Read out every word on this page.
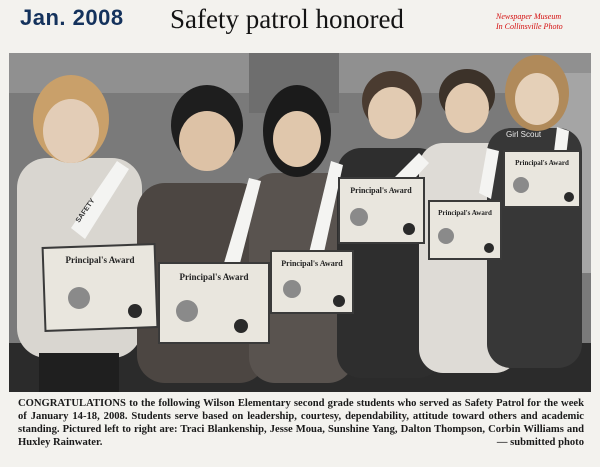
Jan. 2008 Safety patrol honored	Newspaper Museum
In Collinsville Photo
Girl Scout
SAFETY
Principal's Award
Principal's Award
Principal's Award
Principal's Award
Principal's Award
Principal's Award
CONGRATULATIONS to the following Wilson Elementary second grade students who served as Safety Patrol for the week of January 14-18, 2008. Students serve based on leadership, courtesy, dependability, attitude toward others and academic standing. Pictured left to right are: Traci Blankenship, Jesse Moua, Sunshine Yang, Dalton Thompson, Corbin Williams and Huxley Rainwater.	— submitted photo
